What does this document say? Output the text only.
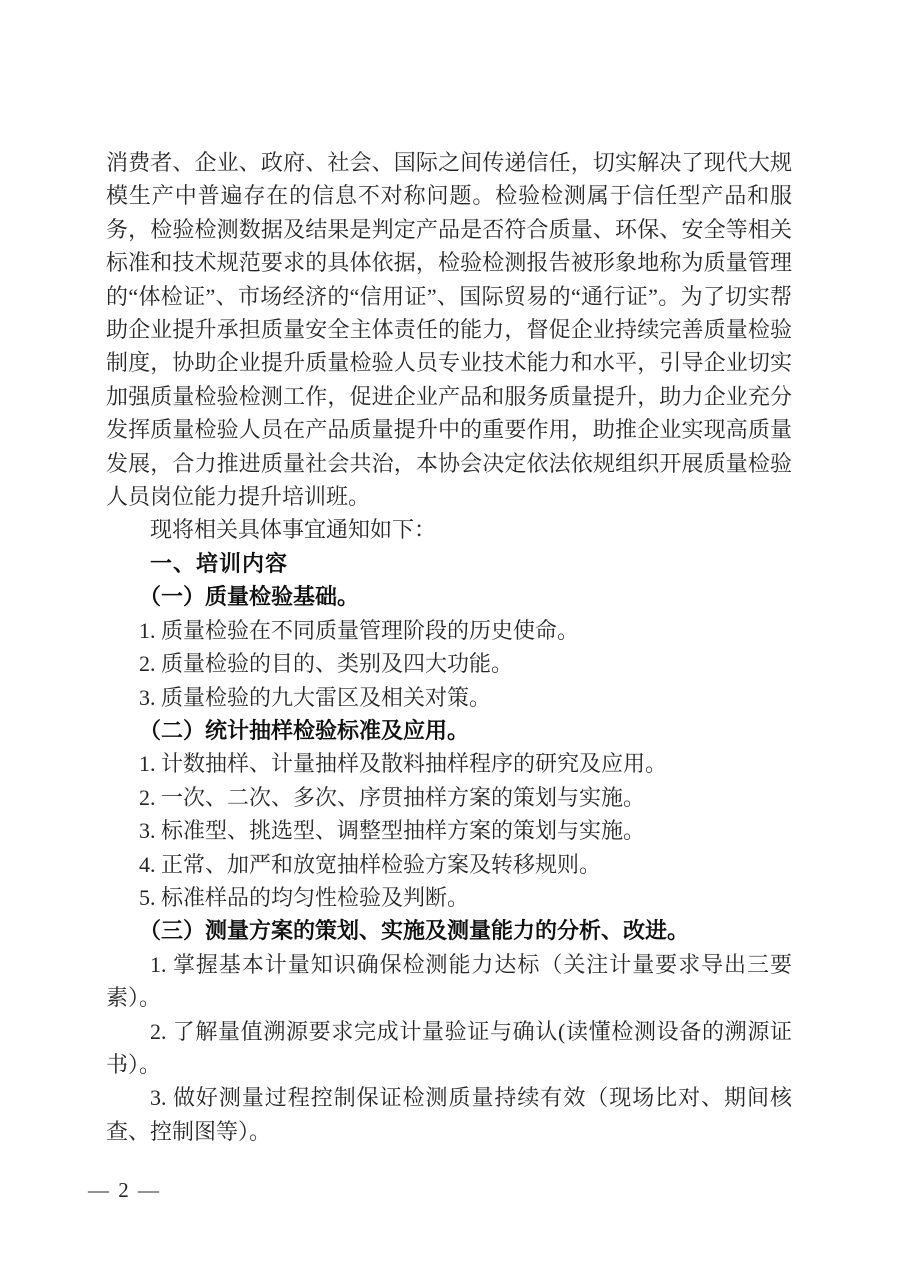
消费者、企业、政府、社会、国际之间传递信任，切实解决了现代大规模生产中普遍存在的信息不对称问题。检验检测属于信任型产品和服务，检验检测数据及结果是判定产品是否符合质量、环保、安全等相关标准和技术规范要求的具体依据，检验检测报告被形象地称为质量管理的“体检证”、市场经济的“信用证”、国际贸易的“通行证”。为了切实帮助企业提升承担质量安全主体责任的能力，督促企业持续完善质量检验制度，协助企业提升质量检验人员专业技术能力和水平，引导企业切实加强质量检验检测工作，促进企业产品和服务质量提升，助力企业充分发挥质量检验人员在产品质量提升中的重要作用，助推企业实现高质量发展，合力推进质量社会共治，本协会决定依法依规组织开展质量检验人员岗位能力提升培训班。

现将相关具体事宜通知如下：

一、培训内容

（一）质量检验基础。

1. 质量检验在不同质量管理阶段的历史使命。

2. 质量检验的目的、类别及四大功能。

3. 质量检验的九大雷区及相关对策。

（二）统计抽样检验标准及应用。

1. 计数抽样、计量抽样及散料抽样程序的研究及应用。

2. 一次、二次、多次、序贯抽样方案的策划与实施。

3. 标准型、挑选型、调整型抽样方案的策划与实施。

4. 正常、加严和放宽抽样检验方案及转移规则。

5. 标准样品的均匀性检验及判断。

（三）测量方案的策划、实施及测量能力的分析、改进。

1. 掌握基本计量知识确保检测能力达标（关注计量要求导出三要素）。

2. 了解量值溯源要求完成计量验证与确认(读懂检测设备的溯源证书）。

3. 做好测量过程控制保证检测质量持续有效（现场比对、期间核查、控制图等）。

— 2 —
